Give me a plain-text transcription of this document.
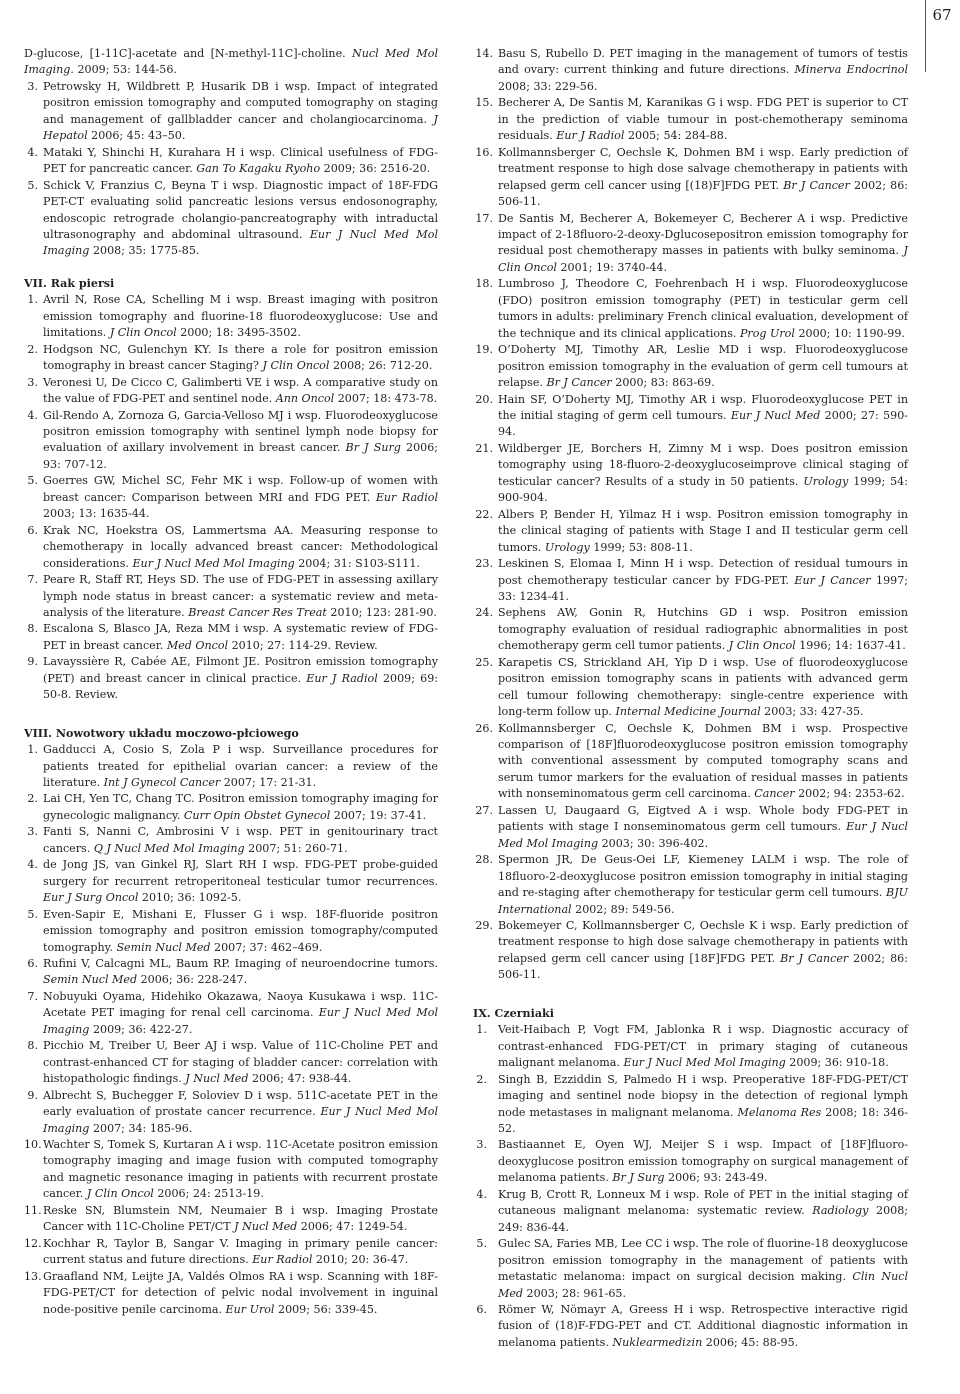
67
D-glucose, [1-11C]-acetate and [N-methyl-11C]-choline. Nucl Med Mol Imaging. 2009; 53: 144-56.
3. Petrowsky H, Wildbrett P, Husarik DB i wsp. Impact of integrated positron emission tomography and computed tomography on staging and management of gallbladder cancer and cholangiocarcinoma. J Hepatol 2006; 45: 43–50.
4. Mataki Y, Shinchi H, Kurahara H i wsp. Clinical usefulness of FDG-PET for pancreatic cancer. Gan To Kagaku Ryoho 2009; 36: 2516-20.
5. Schick V, Franzius C, Beyna T i wsp. Diagnostic impact of 18F-FDG PET-CT evaluating solid pancreatic lesions versus endosonography, endoscopic retrograde cholangio-pancreatography with intraductal ultrasonography and abdominal ultrasound. Eur J Nucl Med Mol Imaging 2008; 35: 1775-85.
VII. Rak piersi
1. Avril N, Rose CA, Schelling M i wsp. Breast imaging with positron emission tomography and fluorine-18 fluorodeoxyglucose: Use and limitations. J Clin Oncol 2000; 18: 3495-3502.
2. Hodgson NC, Gulenchyn KY. Is there a role for positron emission tomography in breast cancer Staging? J Clin Oncol 2008; 26: 712-20.
3. Veronesi U, De Cicco C, Galimberti VE i wsp. A comparative study on the value of FDG-PET and sentinel node. Ann Oncol 2007; 18: 473-78.
4. Gil-Rendo A, Zornoza G, Garcia-Velloso MJ i wsp. Fluorodeoxyglucose positron emission tomography with sentinel lymph node biopsy for evaluation of axillary involvement in breast cancer. Br J Surg 2006; 93: 707-12.
5. Goerres GW, Michel SC, Fehr MK i wsp. Follow-up of women with breast cancer: Comparison between MRI and FDG PET. Eur Radiol 2003; 13: 1635-44.
6. Krak NC, Hoekstra OS, Lammertsma AA. Measuring response to chemotherapy in locally advanced breast cancer: Methodological considerations. Eur J Nucl Med Mol Imaging 2004; 31: S103-S111.
7. Peare R, Staff RT, Heys SD. The use of FDG-PET in assessing axillary lymph node status in breast cancer: a systematic review and meta-analysis of the literature. Breast Cancer Res Treat 2010; 123: 281-90.
8. Escalona S, Blasco JA, Reza MM i wsp. A systematic review of FDG-PET in breast cancer. Med Oncol 2010; 27: 114-29. Review.
9. Lavayssière R, Cabée AE, Filmont JE. Positron emission tomography (PET) and breast cancer in clinical practice. Eur J Radiol 2009; 69: 50-8. Review.
VIII. Nowotwory układu moczowo-płciowego
1. Gadducci A, Cosio S, Zola P i wsp. Surveillance procedures for patients treated for epithelial ovarian cancer: a review of the literature. Int J Gynecol Cancer 2007; 17: 21-31.
2. Lai CH, Yen TC, Chang TC. Positron emission tomography imaging for gynecologic malignancy. Curr Opin Obstet Gynecol 2007; 19: 37-41.
3. Fanti S, Nanni C, Ambrosini V i wsp. PET in genitourinary tract cancers. Q J Nucl Med Mol Imaging 2007; 51: 260-71.
4. de Jong JS, van Ginkel RJ, Slart RH I wsp. FDG-PET probe-guided surgery for recurrent retroperitoneal testicular tumor recurrences. Eur J Surg Oncol 2010; 36: 1092-5.
5. Even-Sapir E, Mishani E, Flusser G i wsp. 18F-fluoride positron emission tomography and positron emission tomography/computed tomography. Semin Nucl Med 2007; 37: 462–469.
6. Rufini V, Calcagni ML, Baum RP. Imaging of neuroendocrine tumors. Semin Nucl Med 2006; 36: 228-247.
7. Nobuyuki Oyama, Hidehiko Okazawa, Naoya Kusukawa i wsp. 11C-Acetate PET imaging for renal cell carcinoma. Eur J Nucl Med Mol Imaging 2009; 36: 422-27.
8. Picchio M, Treiber U, Beer AJ i wsp. Value of 11C-Choline PET and contrast-enhanced CT for staging of bladder cancer: correlation with histopathologic findings. J Nucl Med 2006; 47: 938-44.
9. Albrecht S, Buchegger F, Soloviev D i wsp. 511C-acetate PET in the early evaluation of prostate cancer recurrence. Eur J Nucl Med Mol Imaging 2007; 34: 185-96.
10. Wachter S, Tomek S, Kurtaran A i wsp. 11C-Acetate positron emission tomography imaging and image fusion with computed tomography and magnetic resonance imaging in patients with recurrent prostate cancer. J Clin Oncol 2006; 24: 2513-19.
11. Reske SN, Blumstein NM, Neumaier B i wsp. Imaging Prostate Cancer with 11C-Choline PET/CT J Nucl Med 2006; 47: 1249-54.
12. Kochhar R, Taylor B, Sangar V. Imaging in primary penile cancer: current status and future directions. Eur Radiol 2010; 20: 36-47.
13. Graafland NM, Leijte JA, Valdés Olmos RA i wsp. Scanning with 18F-FDG-PET/CT for detection of pelvic nodal involvement in inguinal node-positive penile carcinoma. Eur Urol 2009; 56: 339-45.
14. Basu S, Rubello D. PET imaging in the management of tumors of testis and ovary: current thinking and future directions. Minerva Endocrinol 2008; 33: 229-56.
15. Becherer A, De Santis M, Karanikas G i wsp. FDG PET is superior to CT in the prediction of viable tumour in post-chemotherapy seminoma residuals. Eur J Radiol 2005; 54: 284-88.
16. Kollmannsberger C, Oechsle K, Dohmen BM i wsp. Early prediction of treatment response to high dose salvage chemotherapy in patients with relapsed germ cell cancer using [(18)F]FDG PET. Br J Cancer 2002; 86: 506-11.
17. De Santis M, Becherer A, Bokemeyer C, Becherer A i wsp. Predictive impact of 2-18fluoro-2-deoxy-Dglucosepositron emission tomography for residual post chemotherapy masses in patients with bulky seminoma. J Clin Oncol 2001; 19: 3740-44.
18. Lumbroso J, Theodore C, Foehrenbach H i wsp. Fluorodeoxyglucose (FDO) positron emission tomography (PET) in testicular germ cell tumors in adults: preliminary French clinical evaluation, development of the technique and its clinical applications. Prog Urol 2000; 10: 1190-99.
19. O’Doherty MJ, Timothy AR, Leslie MD i wsp. Fluorodeoxyglucose positron emission tomography in the evaluation of germ cell tumours at relapse. Br J Cancer 2000; 83: 863-69.
20. Hain SF, O’Doherty MJ, Timothy AR i wsp. Fluorodeoxyglucose PET in the initial staging of germ cell tumours. Eur J Nucl Med 2000; 27: 590-94.
21. Wildberger JE, Borchers H, Zimny M i wsp. Does positron emission tomography using 18-fluoro-2-deoxyglucoseimprove clinical staging of testicular cancer? Results of a study in 50 patients. Urology 1999; 54: 900-904.
22. Albers P, Bender H, Yilmaz H i wsp. Positron emission tomography in the clinical staging of patients with Stage I and II testicular germ cell tumors. Urology 1999; 53: 808-11.
23. Leskinen S, Elomaa I, Minn H i wsp. Detection of residual tumours in post chemotherapy testicular cancer by FDG-PET. Eur J Cancer 1997; 33: 1234-41.
24. Sephens AW, Gonin R, Hutchins GD i wsp. Positron emission tomography evaluation of residual radiographic abnormalities in post chemotherapy germ cell tumor patients. J Clin Oncol 1996; 14: 1637-41.
25. Karapetis CS, Strickland AH, Yip D i wsp. Use of fluorodeoxyglucose positron emission tomography scans in patients with advanced germ cell tumour following chemotherapy: single-centre experience with long-term follow up. Internal Medicine Journal 2003; 33: 427-35.
26. Kollmannsberger C, Oechsle K, Dohmen BM i wsp. Prospective comparison of [18F]fluorodeoxyglucose positron emission tomography with conventional assessment by computed tomography scans and serum tumor markers for the evaluation of residual masses in patients with nonseminomatous germ cell carcinoma. Cancer 2002; 94: 2353-62.
27. Lassen U, Daugaard G, Eigtved A i wsp. Whole body FDG-PET in patients with stage I nonseminomatous germ cell tumours. Eur J Nucl Med Mol Imaging 2003; 30: 396-402.
28. Spermon JR, De Geus-Oei LF, Kiemeney LALM i wsp. The role of 18fluoro-2-deoxyglucose positron emission tomography in initial staging and re-staging after chemotherapy for testicular germ cell tumours. BJU International 2002; 89: 549-56.
29. Bokemeyer C, Kollmannsberger C, Oechsle K i wsp. Early prediction of treatment response to high dose salvage chemotherapy in patients with relapsed germ cell cancer using [18F]FDG PET. Br J Cancer 2002; 86: 506-11.
IX. Czerniaki
1. Veit-Haibach P, Vogt FM, Jablonka R i wsp. Diagnostic accuracy of contrast-enhanced FDG-PET/CT in primary staging of cutaneous malignant melanoma. Eur J Nucl Med Mol Imaging 2009; 36: 910-18.
2. Singh B, Ezziddin S, Palmedo H i wsp. Preoperative 18F-FDG-PET/CT imaging and sentinel node biopsy in the detection of regional lymph node metastases in malignant melanoma. Melanoma Res 2008; 18: 346-52.
3. Bastiaannet E, Oyen WJ, Meijer S i wsp. Impact of [18F]fluoro-deoxyglucose positron emission tomography on surgical management of melanoma patients. Br J Surg 2006; 93: 243-49.
4. Krug B, Crott R, Lonneux M i wsp. Role of PET in the initial staging of cutaneous malignant melanoma: systematic review. Radiology 2008; 249: 836-44.
5. Gulec SA, Faries MB, Lee CC i wsp. The role of fluorine-18 deoxyglucose positron emission tomography in the management of patients with metastatic melanoma: impact on surgical decision making. Clin Nucl Med 2003; 28: 961-65.
6. Römer W, Nömayr A, Greess H i wsp. Retrospective interactive rigid fusion of (18)F-FDG-PET and CT. Additional diagnostic information in melanoma patients. Nuklearmedizin 2006; 45: 88-95.
